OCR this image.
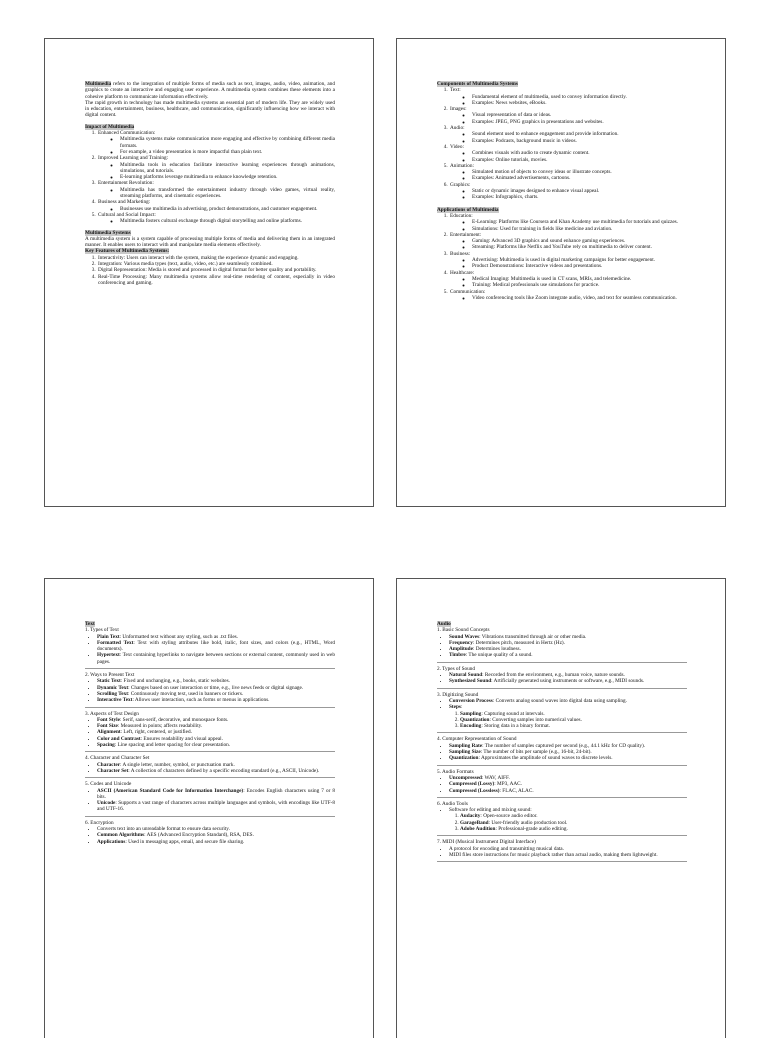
Multimedia refers to the integration of multiple forms of media such as text, images, audio, video, animation, and graphics to create an interactive and engaging user experience. A multimedia system combines these elements into a cohesive platform to communicate information effectively.

The rapid growth in technology has made multimedia systems an essential part of modern life. They are widely used in education, entertainment, business, healthcare, and communication, significantly influencing how we interact with digital content.

Impact of Multimedia

1. Enhanced Communication:
◦ Multimedia systems make communication more engaging and effective by combining different media formats.
◦ For example, a video presentation is more impactful than plain text.
2. Improved Learning and Training:
◦ Multimedia tools in education facilitate interactive learning experiences through animations, simulations, and tutorials.
◦ E-learning platforms leverage multimedia to enhance knowledge retention.
3. Entertainment Revolution:
◦ Multimedia has transformed the entertainment industry through video games, virtual reality, streaming platforms, and cinematic experiences.
4. Business and Marketing:
◦ Businesses use multimedia in advertising, product demonstrations, and customer engagement.
5. Cultural and Social Impact:
◦ Multimedia fosters cultural exchange through digital storytelling and online platforms.

Multimedia Systems

A multimedia system is a system capable of processing multiple forms of media and delivering them in an integrated manner. It enables users to interact with and manipulate media elements effectively.

Key Features of Multimedia Systems:

1. Interactivity: Users can interact with the system, making the experience dynamic and engaging.
2. Integration: Various media types (text, audio, video, etc.) are seamlessly combined.
3. Digital Representation: Media is stored and processed in digital format for better quality and portability.
4. Real-Time Processing: Many multimedia systems allow real-time rendering of content, especially in video conferencing and gaming.

Components of Multimedia Systems

1. Text:
◦ Fundamental element of multimedia, used to convey information directly.
◦ Examples: News websites, eBooks.
2. Images:
◦ Visual representation of data or ideas.
◦ Examples: JPEG, PNG graphics in presentations and websites.
3. Audio:
◦ Sound element used to enhance engagement and provide information.
◦ Examples: Podcasts, background music in videos.
4. Video:
◦ Combines visuals with audio to create dynamic content.
◦ Examples: Online tutorials, movies.
5. Animation:
◦ Simulated motion of objects to convey ideas or illustrate concepts.
◦ Examples: Animated advertisements, cartoons.
6. Graphics:
◦ Static or dynamic images designed to enhance visual appeal.
◦ Examples: Infographics, charts.

Applications of Multimedia

1. Education:
◦ E-Learning: Platforms like Coursera and Khan Academy use multimedia for tutorials and quizzes.
◦ Simulations: Used for training in fields like medicine and aviation.
2. Entertainment:
◦ Gaming: Advanced 3D graphics and sound enhance gaming experiences.
◦ Streaming: Platforms like Netflix and YouTube rely on multimedia to deliver content.
3. Business:
◦ Advertising: Multimedia is used in digital marketing campaigns for better engagement.
◦ Product Demonstrations: Interactive videos and presentations.
4. Healthcare:
◦ Medical Imaging: Multimedia is used in CT scans, MRIs, and telemedicine.
◦ Training: Medical professionals use simulations for practice.
5. Communication:
◦ Video conferencing tools like Zoom integrate audio, video, and text for seamless communication.

Text

1. Types of Text

• Plain Text: Unformatted text without any styling, such as .txt files.
• Formatted Text: Text with styling attributes like bold, italic, font sizes, and colors (e.g., HTML, Word documents).
• Hypertext: Text containing hyperlinks to navigate between sections or external content, commonly used in web pages.

2. Ways to Present Text

• Static Text: Fixed and unchanging, e.g., books, static websites.
• Dynamic Text: Changes based on user interaction or time, e.g., live news feeds or digital signage.
• Scrolling Text: Continuously moving text, used in banners or tickers.
• Interactive Text: Allows user interaction, such as forms or menus in applications.

3. Aspects of Text Design

• Font Style: Serif, sans-serif, decorative, and monospace fonts.
• Font Size: Measured in points; affects readability.
• Alignment: Left, right, centered, or justified.
• Color and Contrast: Ensures readability and visual appeal.
• Spacing: Line spacing and letter spacing for clear presentation.

4. Character and Character Set

• Character: A single letter, number, symbol, or punctuation mark.
• Character Set: A collection of characters defined by a specific encoding standard (e.g., ASCII, Unicode).

5. Codes and Unicode

• ASCII (American Standard Code for Information Interchange): Encodes English characters using 7 or 8 bits.
• Unicode: Supports a vast range of characters across multiple languages and symbols, with encodings like UTF-8 and UTF-16.

6. Encryption

• Converts text into an unreadable format to ensure data security.
• Common Algorithms: AES (Advanced Encryption Standard), RSA, DES.
• Applications: Used in messaging apps, email, and secure file sharing.

Audio

1. Basic Sound Concepts

• Sound Waves: Vibrations transmitted through air or other media.
• Frequency: Determines pitch, measured in Hertz (Hz).
• Amplitude: Determines loudness.
• Timbre: The unique quality of a sound.

2. Types of Sound

• Natural Sound: Recorded from the environment, e.g., human voice, nature sounds.
• Synthesized Sound: Artificially generated using instruments or software, e.g., MIDI sounds.

3. Digitizing Sound

• Conversion Process: Converts analog sound waves into digital data using sampling.
• Steps:
1. Sampling: Capturing sound at intervals.
2. Quantization: Converting samples into numerical values.
3. Encoding: Storing data in a binary format.

4. Computer Representation of Sound

• Sampling Rate: The number of samples captured per second (e.g., 44.1 kHz for CD quality).
• Sampling Size: The number of bits per sample (e.g., 16-bit, 24-bit).
• Quantization: Approximates the amplitude of sound waves to discrete levels.

5. Audio Formats

• Uncompressed: WAV, AIFF.
• Compressed (Lossy): MP3, AAC.
• Compressed (Lossless): FLAC, ALAC.

6. Audio Tools

• Software for editing and mixing sound:
1. Audacity: Open-source audio editor.
2. GarageBand: User-friendly audio production tool.
3. Adobe Audition: Professional-grade audio editing.

7. MIDI (Musical Instrument Digital Interface)

• A protocol for encoding and transmitting musical data.
• MIDI files store instructions for music playback rather than actual audio, making them lightweight.
